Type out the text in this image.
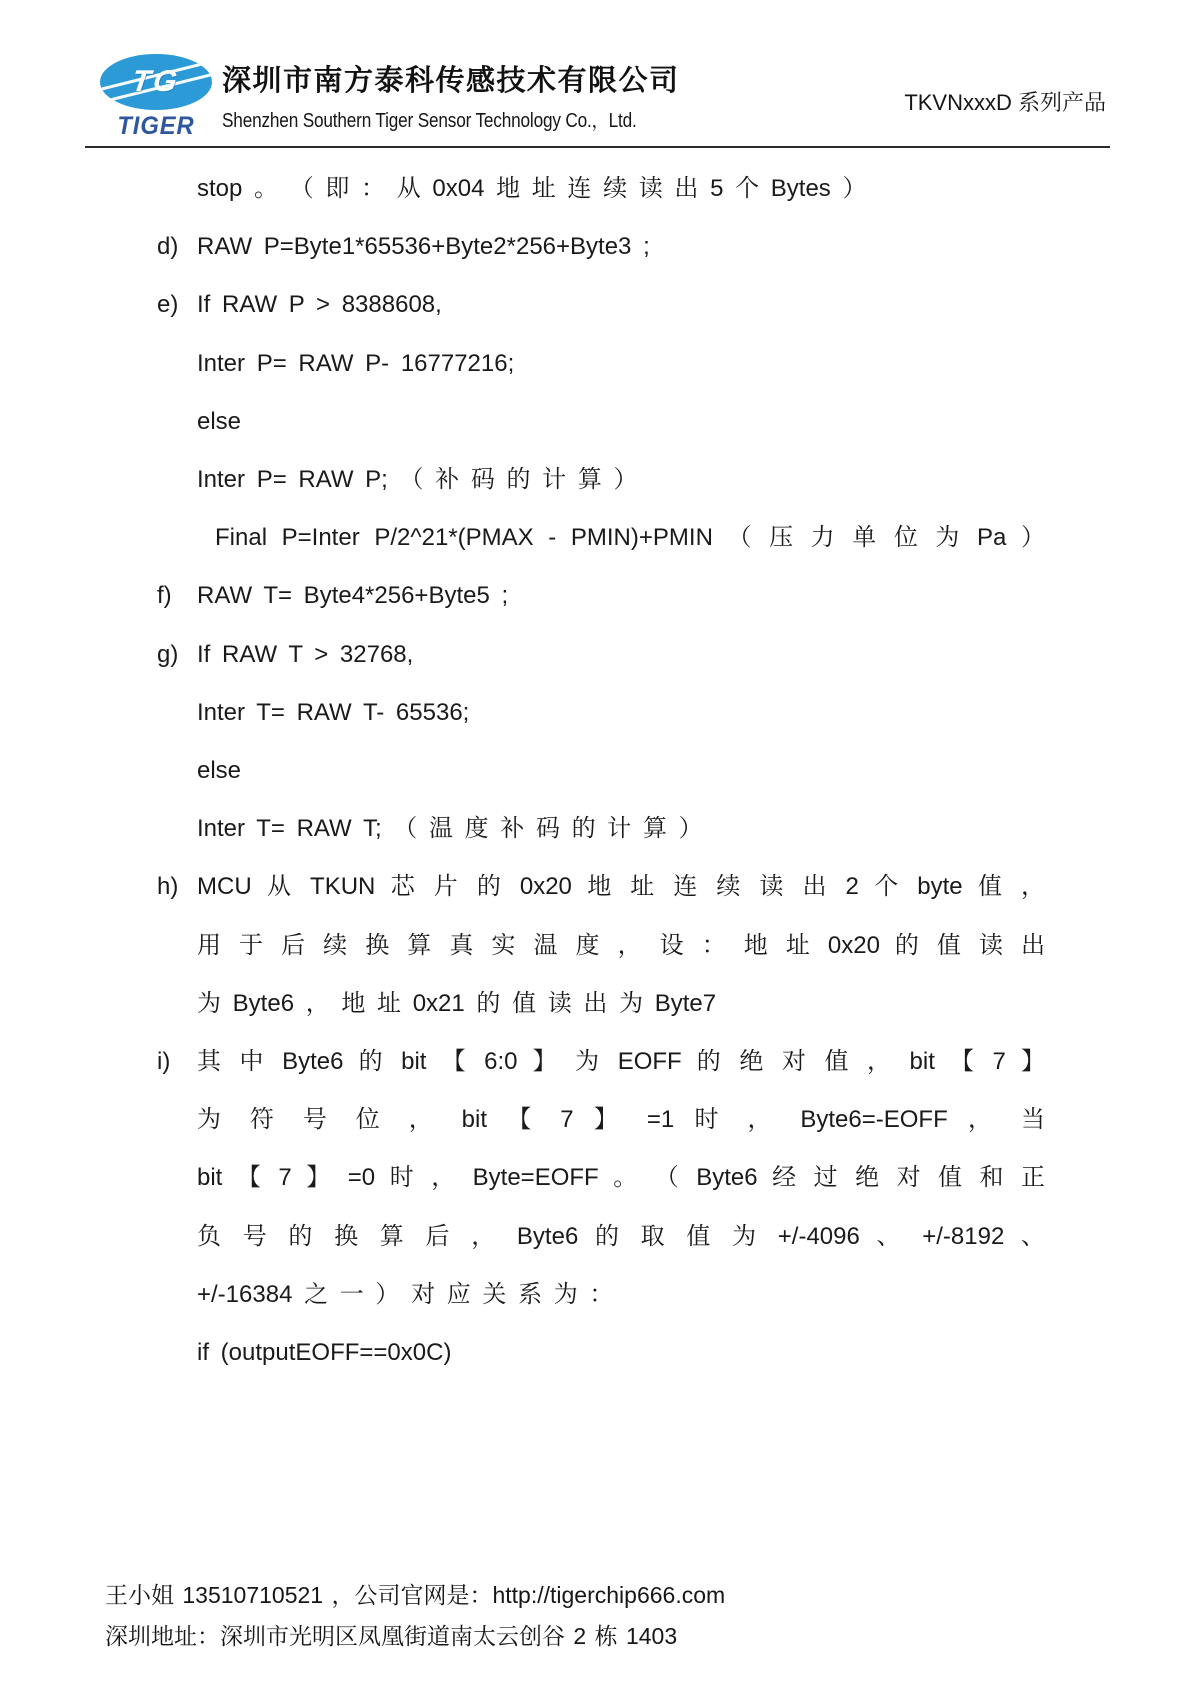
TG
TIGER
深圳市南方泰科传感技术有限公司
Shenzhen Southern Tiger Sensor Technology Co.，Ltd.
TKVNxxxD 系列产品
stop 。 （ 即 ： 从 0x04 地 址 连 续 读 出 5 个 Bytes ）
d) RAW P=Byte1*65536+Byte2*256+Byte3 ;
e) If RAW P > 8388608,
Inter P= RAW P- 16777216;
else
Inter P= RAW P; （ 补 码 的 计 算 ）
Final P=Inter P/2^21*(PMAX - PMIN)+PMIN （ 压 力 单 位 为 Pa ）
f)	RAW T= Byte4*256+Byte5 ;
g) If RAW T > 32768,
Inter T= RAW T- 65536;
else
Inter T= RAW T; （ 温 度 补 码 的 计 算 ）
h) MCU 从 TKUN 芯 片 的 0x20 地 址 连 续 读 出 2 个 byte 值 ，
用 于 后 续 换 算 真 实 温 度 ， 设 ： 地 址 0x20 的 值 读 出
为 Byte6 ， 地 址 0x21 的 值 读 出 为 Byte7
i)	其 中 Byte6 的 bit 【 6:0 】 为 EOFF 的 绝 对 值 ， bit 【 7 】
为 符 号 位 ， bit 【 7 】 =1 时 ， Byte6=-EOFF ， 当
bit 【 7 】 =0 时 ， Byte=EOFF 。 （ Byte6 经 过 绝 对 值 和 正
负 号 的 换 算 后 ， Byte6 的 取 值 为 +/-4096 、 +/-8192 、
+/-16384 之 一 ） 对 应 关 系 为 ：
if (outputEOFF==0x0C)
王小姐 13510710521 ，公司官网是：http://tigerchip666.com
深圳地址：深圳市光明区凤凰街道南太云创谷 2 栋 1403
